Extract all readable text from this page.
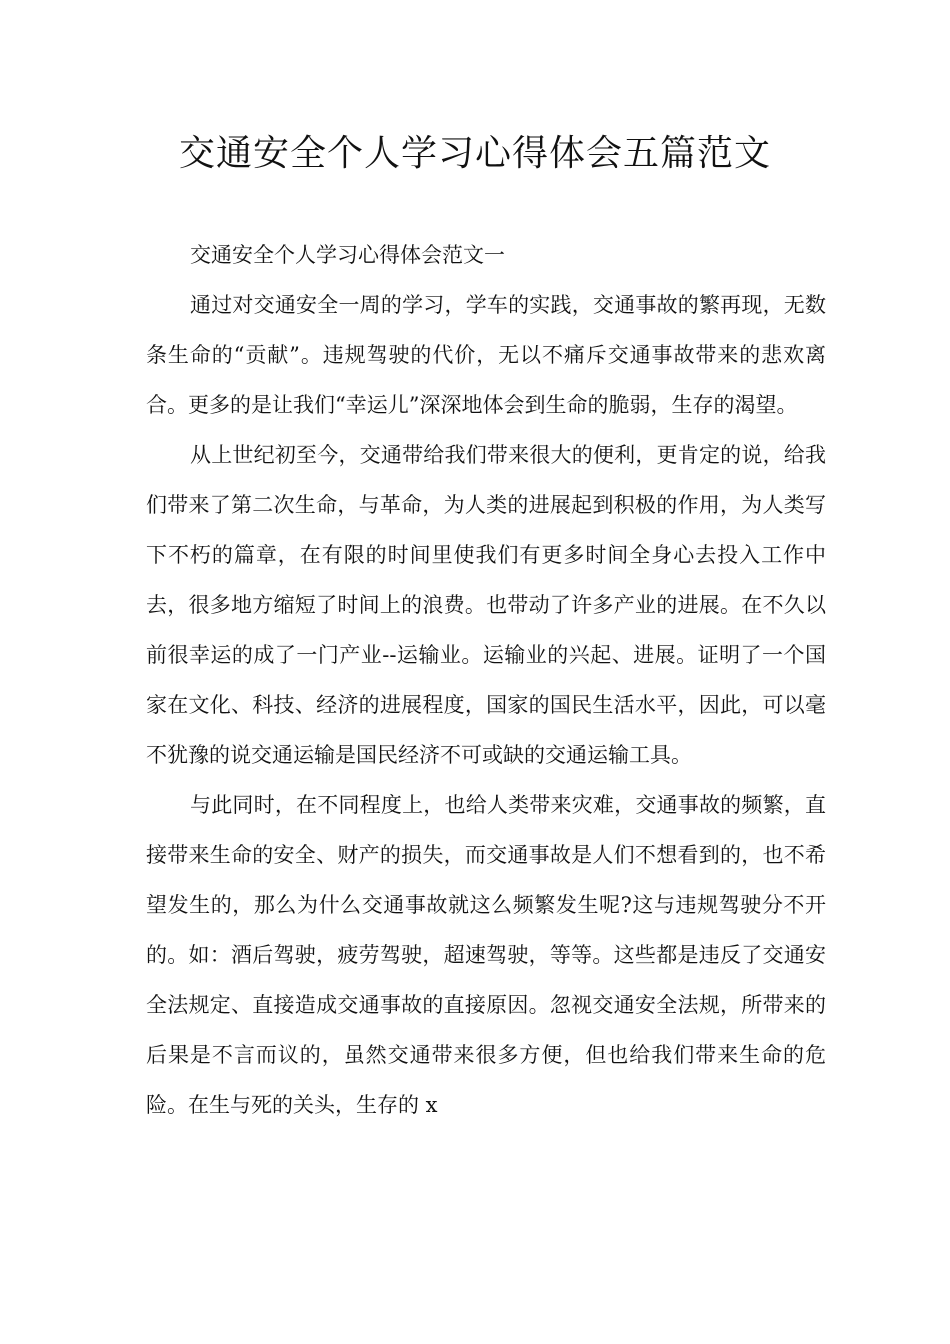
交通安全个人学习心得体会五篇范文

交通安全个人学习心得体会范文一

通过对交通安全一周的学习，学车的实践，交通事故的繁再现，无数条生命的“贡献”。违规驾驶的代价，无以不痛斥交通事故带来的悲欢离合。更多的是让我们“幸运儿”深深地体会到生命的脆弱，生存的渴望。

从上世纪初至今，交通带给我们带来很大的便利，更肯定的说，给我们带来了第二次生命，与革命，为人类的进展起到积极的作用，为人类写下不朽的篇章，在有限的时间里使我们有更多时间全身心去投入工作中去，很多地方缩短了时间上的浪费。也带动了许多产业的进展。在不久以前很幸运的成了一门产业--运输业。运输业的兴起、进展。证明了一个国家在文化、科技、经济的进展程度，国家的国民生活水平，因此，可以毫不犹豫的说交通运输是国民经济不可或缺的交通运输工具。

与此同时，在不同程度上，也给人类带来灾难，交通事故的频繁，直接带来生命的安全、财产的损失，而交通事故是人们不想看到的，也不希望发生的，那么为什么交通事故就这么频繁发生呢?这与违规驾驶分不开的。如：酒后驾驶，疲劳驾驶，超速驾驶，等等。这些都是违反了交通安全法规定、直接造成交通事故的直接原因。忽视交通安全法规，所带来的后果是不言而议的，虽然交通带来很多方便，但也给我们带来生命的危险。在生与死的关头，生存的 x
